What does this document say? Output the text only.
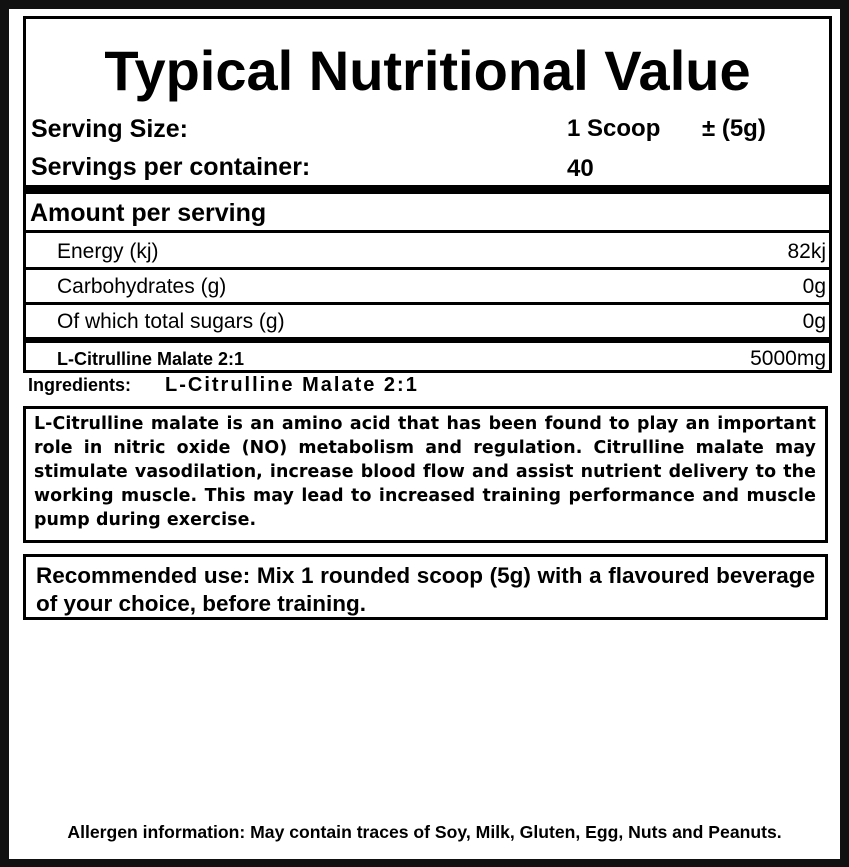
Typical Nutritional Value
Serving Size:	1 Scoop ± (5g)
Servings per container:	40
Amount per serving
Energy (kj)	82kj
Carbohydrates (g)	0g
Of which total sugars (g)	0g
L-Citrulline Malate 2:1	5000mg
Ingredients: L-Citrulline Malate 2:1
L-Citrulline malate is an amino acid that has been found to play an important role in nitric oxide (NO) metabolism and regulation. Citrulline malate may stimulate vasodilation, increase blood flow and assist nutrient delivery to the working muscle. This may lead to increased training performance and muscle pump during exercise.
Recommended use: Mix 1 rounded scoop (5g) with a flavoured beverage of your choice, before training.
Allergen information: May contain traces of Soy, Milk, Gluten, Egg, Nuts and Peanuts.
